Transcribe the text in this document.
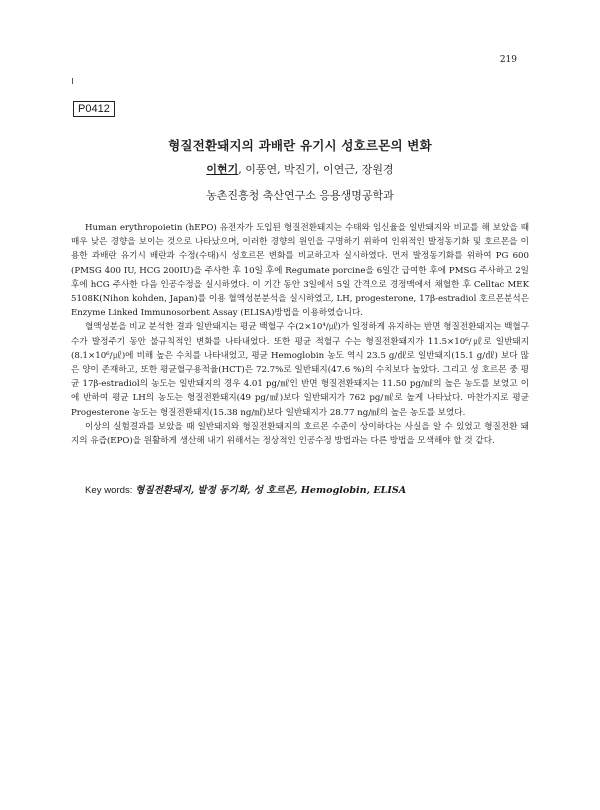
219
P0412
형질전환돼지의 과배란 유기시 성호르몬의 변화
이현기, 이풍연, 박진기, 이연근, 장원경
농촌진흥청 축산연구소 응용생명공학과

Human erythropoietin (hEPO) 유전자가 도입된 형질전환돼지는 수태와 임신율을 일반돼지와 비교를 해 보았을 때 매우 낮은 경향을 보이는 것으로 나타났으며, 이러한 경향의 원인을 구명하기 위하여 인위적인 발정동기화 및 호르몬을 이용한 과배란 유기시 배란과 수정(수태)시 성호르몬 변화를 비교하고자 실시하였다. 먼저 발정동기화를 위하여 PG 600 (PMSG 400 IU, HCG 200IU)을 주사한 후 10일 후에 Regumate porcine을 6일간 급여한 후에 PMSG 주사하고 2일 후에 hCG 주사한 다음 인공수정을 실시하였다. 이 기간 동안 3일에서 5일 간격으로 경정맥에서 채혈한 후 Celltac MEK 5108K(Nihon kohden, Japan)를 이용 혈액성분분석을 실시하였고, LH, progesterone, 17β-estradiol 호르몬분석은 Enzyme Linked Immunosorbent Assay (ELISA)방법을 이용하였습니다.

혈액성분을 비교 분석한 결과 일반돼지는 평균 백혈구 수(2×10⁴/㎕)가 일정하게 유지하는 반면 형질전환돼지는 백혈구 수가 발정주기 동안 불규칙적인 변화를 나타내었다. 또한 평균 적혈구 수는 형질전환돼지가 11.5×10⁶/㎕로 일반돼지(8.1×10⁶/㎕)에 비해 높은 수치를 나타내었고, 평균 Hemoglobin 농도 역시 23.5 g/㎗로 일반돼지(15.1 g/㎗) 보다 많은 양이 존재하고, 또한 평균혈구용적율(HCT)은 72.7%로 일반돼지(47.6 %)의 수치보다 높았다. 그리고 성 호르몬 중 평균 17β-estradiol의 농도는 일반돼지의 경우 4.01 pg/㎖인 반면 형질전환돼지는 11.50 pg/㎖의 높은 농도를 보였고 이에 반하여 평균 LH의 농도는 형질전환돼지(49 pg/㎖)보다 일반돼지가 762 pg/㎖로 높게 나타났다. 마찬가지로 평균 Progesterone 농도는 형질전환돼지(15.38 ng/㎖)보다 일반돼지가 28.77 ng/㎖의 높은 농도를 보였다.

이상의 실험결과를 보았을 때 일반돼지와 형질전환돼지의 호르몬 수준이 상이하다는 사실을 알 수 있었고 형질전환 돼지의 유즙(EPO)을 원활하게 생산해 내기 위해서는 정상적인 인공수정 방법과는 다른 방법을 모색해야 할 것 같다.

Key words: 형질전환돼지, 발정 동기화, 성 호르몬, Hemoglobin, ELISA
